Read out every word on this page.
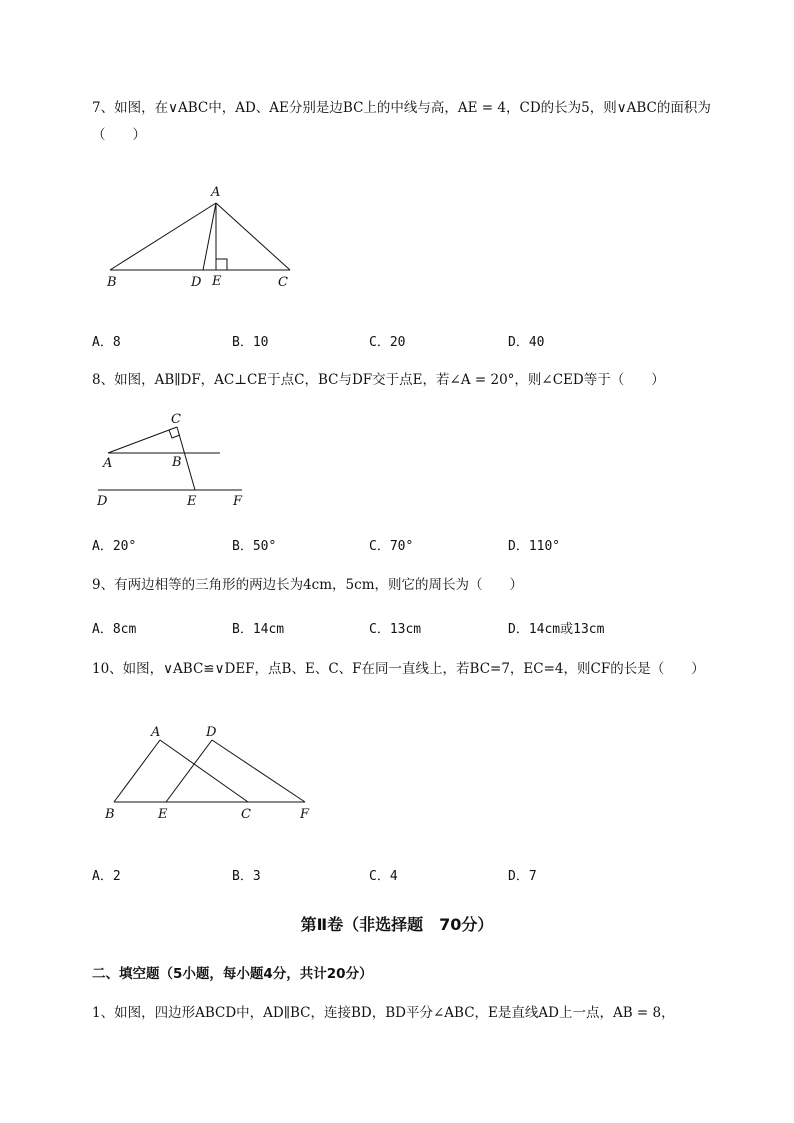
7、如图，在∨ABC中，AD、AE分别是边BC上的中线与高，AE = 4，CD的长为5，则∨ABC的面积为
（　　）
A
B	D E	C
A．8	B．10	C．20	D．40
8、如图，AB∥DF，AC⊥CE于点C，BC与DF交于点E，若∠A = 20°，则∠CED等于（　　）
C
A	B
D	E	F
A．20°	B．50°	C．70°	D．110°
9、有两边相等的三角形的两边长为4cm，5cm，则它的周长为（　　）
A．8cm	B．14cm	C．13cm	D．14cm或13cm
10、如图，∨ABC≌∨DEF，点B、E、C、F在同一直线上，若BC=7，EC=4，则CF的长是（　　）
A	D
B	E	C	F
A．2	B．3	C．4	D．7
第Ⅱ卷（非选择题　70分）
二、填空题（5小题，每小题4分，共计20分）
1、如图，四边形ABCD中，AD∥BC，连接BD，BD平分∠ABC，E是直线AD上一点，AB = 8，
